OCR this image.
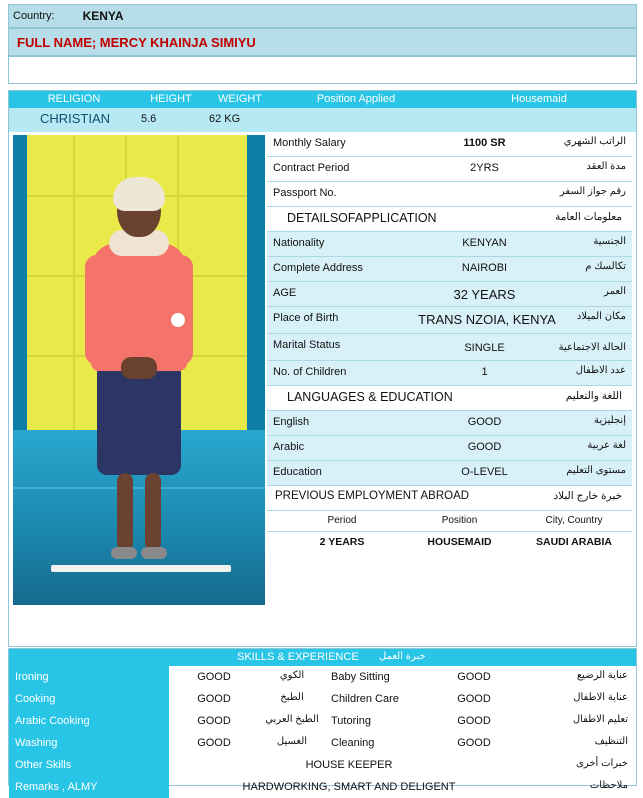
Country: KENYA
FULL NAME; MERCY KHAINJA SIMIYU
RELIGION	HEIGHT	WEIGHT	Position Applied	Housemaid
CHRISTIAN	5.6	62 KG
Monthly Salary	1100 SR	الراتب الشهري
Contract Period	2YRS	مدة العقد
Passport No.	رقم جواز السفر
DETAILSOFAPPLICATION	معلومات العامة
Nationality	KENYAN	الجنسية
Complete Address	NAIROBI	تكالسك م
AGE	32 YEARS	العمر
Place of Birth	TRANS NZOIA, KENYA	مكان الميلاد
Marital Status	SINGLE	الحالة الاجتماعية
No. of Children	1	عدد الاطفال
LANGUAGES & EDUCATION	اللغة والتعليم
English	GOOD	إنجليزية
Arabic	GOOD	لغة عربية
Education	O-LEVEL	مستوى التعليم
PREVIOUS EMPLOYMENT ABROAD	خبرة خارج البلاد
Period	Position	City, Country
2 YEARS	HOUSEMAID	SAUDI ARABIA
SKILLS & EXPERIENCE خبرة العمل
Ironing	GOOD	الكوي	Baby Sitting	GOOD	عناية الرضيع
Cooking	GOOD	الطبخ	Children Care	GOOD	عناية الاطفال
Arabic Cooking	GOOD	الطبخ العربي	Tutoring	GOOD	تعليم الاطفال
Washing	GOOD	الغسيل	Cleaning	GOOD	التنظيف
Other Skills	HOUSE KEEPER	خبرات أخرى
Remarks , ALMY	HARDWORKING, SMART AND DELIGENT	ملاحظات
